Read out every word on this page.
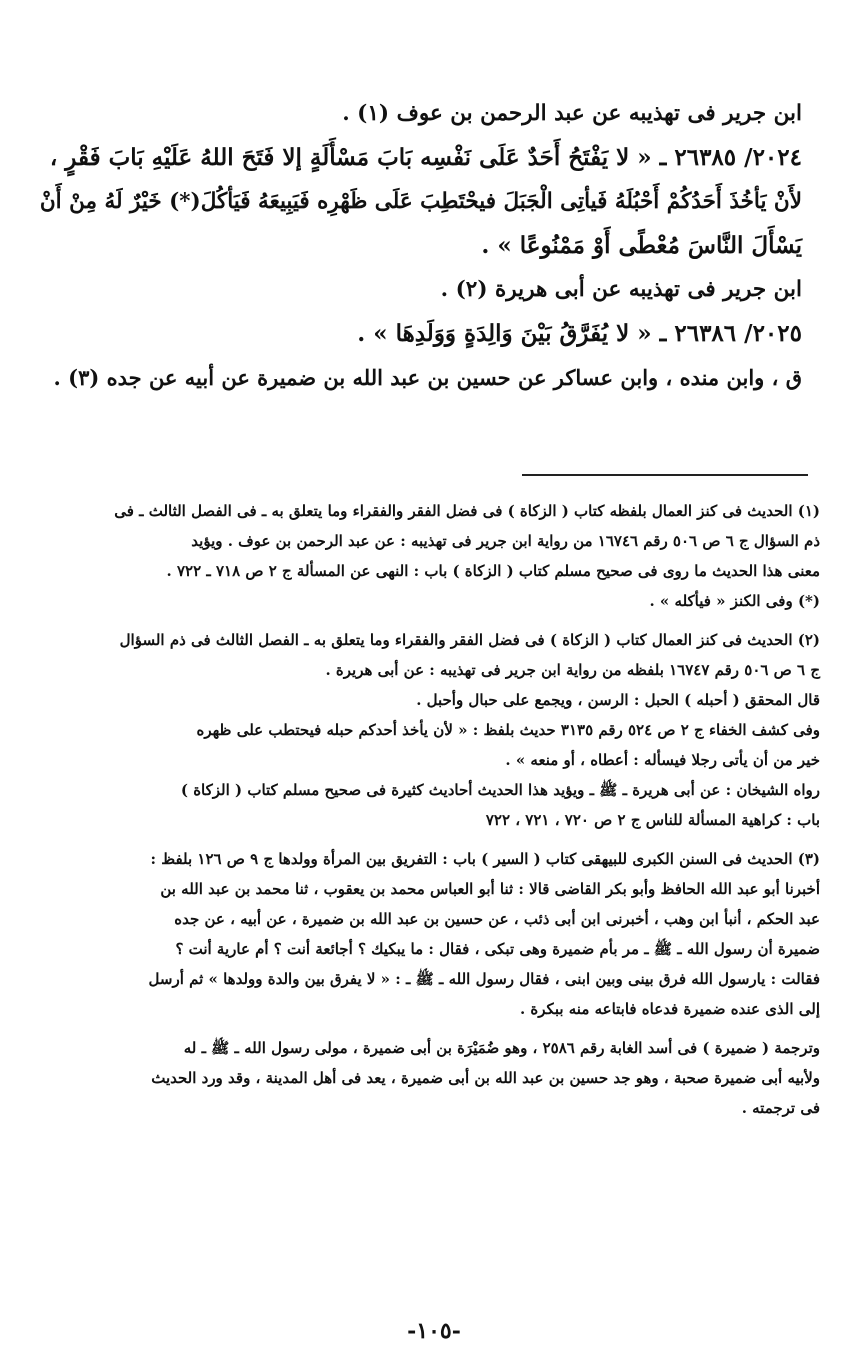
ابن جرير فى تهذيبه عن عبد الرحمن بن عوف (١) .
٢٠٢٤/ ٢٦٣٨٥ ـ « لا يَفْتَحُ أَحَدٌ عَلَى نَفْسِه بَابَ مَسْأَلَةٍ إلا فَتَحَ اللهُ عَلَيْهِ بَابَ فَقْرٍ ،
لأَنْ يَأخُذَ أَحَدُكُمْ أَحْبُلَهُ فَيأتِى الْجَبَلَ فيحْتَطِبَ عَلَى ظَهْرِه فَيَبِيعَهُ فَيَأكُلَ(*) خَيْرٌ لَهُ مِنْ أَنْ
يَسْأَلَ النَّاسَ مُعْطًى أَوْ مَمْنُوعًا » .
ابن جرير فى تهذيبه عن أبى هريرة (٢) .
٢٠٢٥/ ٢٦٣٨٦ ـ « لا يُفَرَّقُ بَيْنَ وَالِدَةٍ وَوَلَدِهَا » .
ق ، وابن منده ، وابن عساكر عن حسين بن عبد الله بن ضميرة عن أبيه عن جده (٣) .
(١) الحديث فى كنز العمال بلفظه كتاب ( الزكاة ) فى فضل الفقر والفقراء وما يتعلق به ـ فى الفصل الثالث ـ فى
ذم السؤال ج ٦ ص ٥٠٦ رقم ١٦٧٤٦ من رواية ابن جرير فى تهذيبه : عن عبد الرحمن بن عوف . ويؤيد
معنى هذا الحديث ما روى فى صحيح مسلم كتاب ( الزكاة ) باب : النهى عن المسألة ج ٢ ص ٧١٨ ـ ٧٢٢ .
(*) وفى الكنز « فيأكله » .
(٢) الحديث فى كنز العمال كتاب ( الزكاة ) فى فضل الفقر والفقراء وما يتعلق به ـ الفصل الثالث فى ذم السؤال
ج ٦ ص ٥٠٦ رقم ١٦٧٤٧ بلفظه من رواية ابن جرير فى تهذيبه : عن أبى هريرة .
قال المحقق ( أحبله ) الحبل : الرسن ، ويجمع على حبال وأحبل .
وفى كشف الخفاء ج ٢ ص ٥٢٤ رقم ٣١٣٥ حديث بلفظ : « لأن يأخذ أحدكم حبله فيحتطب على ظهره
خير من أن يأتى رجلا فيسأله : أعطاه ، أو منعه » .
رواه الشيخان : عن أبى هريرة ـ ﷺ ـ ويؤيد هذا الحديث أحاديث كثيرة فى صحيح مسلم كتاب ( الزكاة )
باب : كراهية المسألة للناس ج ٢ ص ٧٢٠ ، ٧٢١ ، ٧٢٢
(٣) الحديث فى السنن الكبرى للبيهقى كتاب ( السير ) باب : التفريق بين المرأة وولدها ج ٩ ص ١٢٦ بلفظ :
أخبرنا أبو عبد الله الحافظ وأبو بكر القاضى قالا : ثنا أبو العباس محمد بن يعقوب ، ثنا محمد بن عبد الله بن
عبد الحكم ، أنبأ ابن وهب ، أخبرنى ابن أبى ذئب ، عن حسين بن عبد الله بن ضميرة ، عن أبيه ، عن جده
ضميرة أن رسول الله ـ ﷺ ـ مر بأم ضميرة وهى تبكى ، فقال : ما يبكيك ؟ أجائعة أنت ؟ أم عارية أنت ؟
فقالت : يارسول الله فرق بينى وبين ابنى ، فقال رسول الله ـ ﷺ ـ : « لا يفرق بين والدة وولدها » ثم أرسل
إلى الذى عنده ضميرة فدعاه فابتاعه منه ببكرة .
وترجمة ( ضميرة ) فى أسد الغابة رقم ٢٥٨٦ ، وهو ضُمَيْرَة بن أبى ضميرة ، مولى رسول الله ـ ﷺ ـ له
ولأبيه أبى ضميرة صحبة ، وهو جد حسين بن عبد الله بن أبى ضميرة ، يعد فى أهل المدينة ، وقد ورد الحديث
فى ترجمته .
-١٠٥-
